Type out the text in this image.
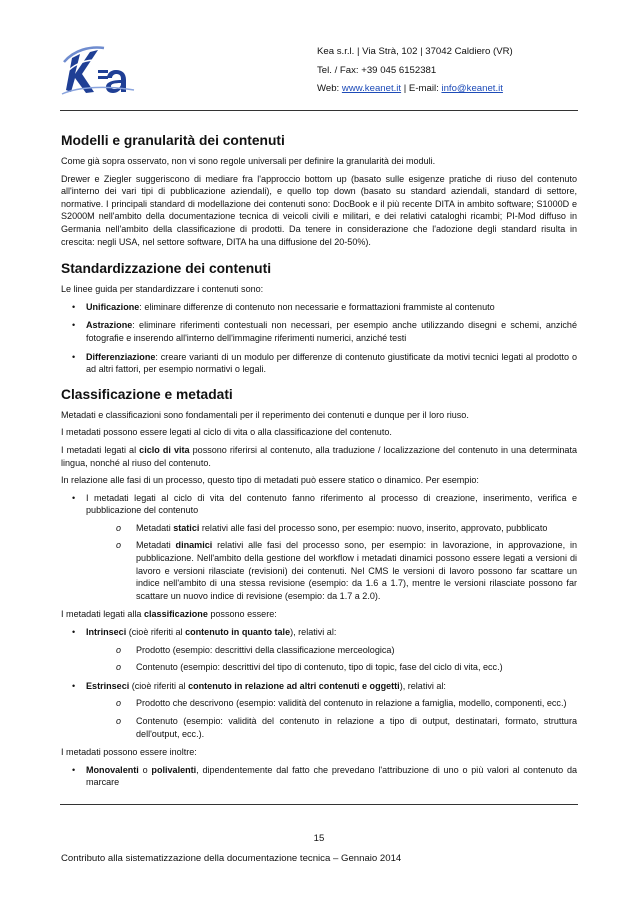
Kea s.r.l. | Via Strà, 102 | 37042 Caldiero (VR)
Tel. / Fax: +39 045 6152381
Web: www.keanet.it | E-mail: info@keanet.it
Modelli e granularità dei contenuti

Come già sopra osservato, non vi sono regole universali per definire la granularità dei moduli.

Drewer e Ziegler suggeriscono di mediare fra l'approccio bottom up (basato sulle esigenze pratiche di riuso del contenuto all'interno dei vari tipi di pubblicazione aziendali), e quello top down (basato su standard aziendali, standard di settore, normative. I principali standard di modellazione dei contenuti sono: DocBook e il più recente DITA in ambito software; S1000D e S2000M nell'ambito della documentazione tecnica di veicoli civili e militari, e dei relativi cataloghi ricambi; PI-Mod diffuso in Germania nell'ambito della classificazione di prodotti. Da tenere in considerazione che l'adozione degli standard risulta in crescita: negli USA, nel settore software, DITA ha una diffusione del 20-50%).

Standardizzazione dei contenuti

Le linee guida per standardizzare i contenuti sono:

• Unificazione: eliminare differenze di contenuto non necessarie e formattazioni frammiste al contenuto
• Astrazione: eliminare riferimenti contestuali non necessari, per esempio anche utilizzando disegni e schemi, anziché fotografie e inserendo all'interno dell'immagine riferimenti numerici, anziché testi
• Differenziazione: creare varianti di un modulo per differenze di contenuto giustificate da motivi tecnici legati al prodotto o ad altri fattori, per esempio normativi o legali.
Classificazione e metadati

Metadati e classificazioni sono fondamentali per il reperimento dei contenuti e dunque per il loro riuso.

I metadati possono essere legati al ciclo di vita o alla classificazione del contenuto.

I metadati legati al ciclo di vita possono riferirsi al contenuto, alla traduzione / localizzazione del contenuto in una determinata lingua, nonché al riuso del contenuto.

In relazione alle fasi di un processo, questo tipo di metadati può essere statico o dinamico. Per esempio:

• I metadati legati al ciclo di vita del contenuto fanno riferimento al processo di creazione, inserimento, verifica e pubblicazione del contenuto
o Metadati statici relativi alle fasi del processo sono, per esempio: nuovo, inserito, approvato, pubblicato
o Metadati dinamici relativi alle fasi del processo sono, per esempio: in lavorazione, in approvazione, in pubblicazione. Nell'ambito della gestione del workflow i metadati dinamici possono essere legati a versioni di lavoro e versioni rilasciate (revisioni) dei contenuti. Nel CMS le versioni di lavoro possono far scattare un indice nell'ambito di una stessa revisione (esempio: da 1.6 a 1.7), mentre le versioni rilasciate possono far scattare un nuovo indice di revisione (esempio: da 1.7 a 2.0).

I metadati legati alla classificazione possono essere:

• Intrinseci (cioè riferiti al contenuto in quanto tale), relativi al:
o Prodotto (esempio: descrittivi della classificazione merceologica)
o Contenuto (esempio: descrittivi del tipo di contenuto, tipo di topic, fase del ciclo di vita, ecc.)
• Estrinseci (cioè riferiti al contenuto in relazione ad altri contenuti e oggetti), relativi al:
o Prodotto che descrivono (esempio: validità del contenuto in relazione a famiglia, modello, componenti, ecc.)
o Contenuto (esempio: validità del contenuto in relazione a tipo di output, destinatari, formato, struttura dell'output, ecc.).

I metadati possono essere inoltre:

• Monovalenti o polivalenti, dipendentemente dal fatto che prevedano l'attribuzione di uno o più valori al contenuto da marcare
15
Contributo alla sistematizzazione della documentazione tecnica – Gennaio 2014
